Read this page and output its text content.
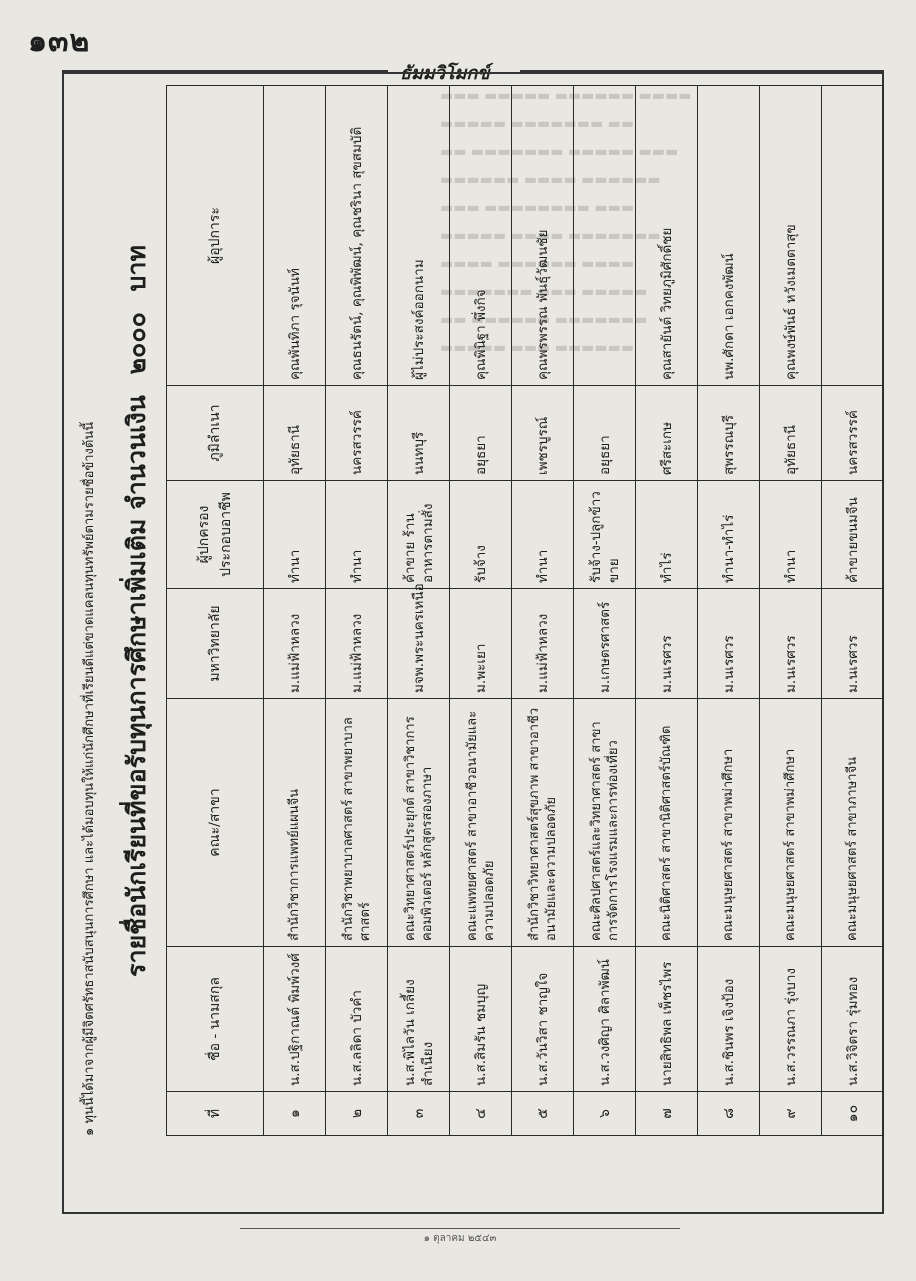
๑๓๒
ธัมมวิโมกข์
▬▬▬ ▬▬▬▬▬ ▬▬▬▬▬▬ ▬▬▬▬
▬▬▬▬▬ ▬▬▬▬▬▬▬ ▬▬
▬▬ ▬▬▬▬▬▬▬ ▬▬▬▬▬ ▬▬▬
▬▬▬▬▬▬ ▬▬▬▬ ▬▬▬▬▬▬
▬▬▬ ▬▬▬▬▬▬▬▬ ▬▬▬
▬▬▬▬▬ ▬▬▬▬ ▬▬▬▬▬▬▬
▬▬▬▬ ▬▬▬▬▬▬ ▬▬▬▬
▬▬▬▬▬▬▬ ▬▬▬ ▬▬▬▬▬
▬▬ ▬▬▬▬▬▬ ▬▬▬▬▬▬▬
▬▬▬▬▬ ▬▬▬ ▬▬▬▬▬▬
๑ ทุนนี้ได้มาจากผู้มีจิตศรัทธาสนับสนุนการศึกษา และได้มอบทุนให้แก่นักศึกษาที่เรียนดีแต่ขาดแคลนทุนทรัพย์ตามรายชื่อข้างต้นนี้ รายชื่อนักเรียนที่ขอรับทุนการศึกษาเพิ่มเติม จำนวนเงิน ๒๐๐๐ บาท
ที่	ชื่อ - นามสกุล	คณะ/สาขา	มหาวิทยาลัย	ผู้ปกครอง ประกอบอาชีพ	ภูมิลำเนา	ผู้อุปการะ
๑	น.ส.ปฐิกาณต์ พิมพ์วงศ์	สำนักวิชาการแพทย์แผนจีน	ม.แม่ฟ้าหลวง	ทำนา	อุทัยธานี	คุณพันทิภา รุจนันท์
๒	น.ส.ลลิดา บัวคำ	สำนักวิชาพยาบาลศาสตร์ สาขาพยาบาลศาสตร์	ม.แม่ฟ้าหลวง	ทำนา	นครสวรรค์	คุณธนรัตน์, คุณพิพัฒน์, คุณชรินา สุขสมบัติ
๓	น.ส.พิไลวัน เกลี้ยงสำเนียง	คณะวิทยาศาสตร์ประยุกต์ สาขาวิชาการคอมพิวเตอร์ หลักสูตรสองภาษา	มจพ.พระนครเหนือ	ค้าขาย ร้านอาหารตามสั่ง	นนทบุรี	ผู้ไม่ประสงค์ออกนาม
๔	น.ส.สิมรัน ชมบุญ	คณะแพทยศาสตร์ สาขาอาชีวอนามัยและความปลอดภัย	ม.พะเยา	รับจ้าง	อยุธยา	คุณพินิฐา พึ่งกิจ
๕	น.ส.วันวิสา ชาญใจ	สำนักวิชาวิทยาศาสตร์สุขภาพ สาขาอาชีวอนามัยและความปลอดภัย	ม.แม่ฟ้าหลวง	ทำนา	เพชรบูรณ์	คุณพรพรรณ พันธุ์วัฒนชัย
๖	น.ส.วงศิญา ศิลาพัฒน์	คณะศิลปศาสตร์และวิทยาศาสตร์ สาขาการจัดการโรงแรมและการท่องเที่ยว	ม.เกษตรศาสตร์	รับจ้าง-ปลูกข้าวขาย	อยุธยา	
๗	นายสิทธิพล เพ็ชรไพร	คณะนิติศาสตร์ สาขานิติศาสตร์บัณฑิต	ม.นเรศวร	ทำไร่	ศรีสะเกษ	คุณสายันต์ วิทยภูมิศักดิ์ชย
๘	น.ส.ชินพร เจิงป้อง	คณะมนุษยศาสตร์ สาขาพม่าศึกษา	ม.นเรศวร	ทำนา-ทำไร่	สุพรรณบุรี	นพ.ศักดา เอกคงพัฒน์
๙	น.ส.วรรณภา รุ่งบาง	คณะมนุษยศาสตร์ สาขาพม่าศึกษา	ม.นเรศวร	ทำนา	อุทัยธานี	คุณพงษ์พันธ์ หวังเมตตาสุข
๑๐	น.ส.วิจิตรา รุ่มทอง	คณะมนุษยศาสตร์ สาขาภาษาจีน	ม.นเรศวร	ค้าขายขนมจีน	นครสวรรค์	
๑ ตุลาคม ๒๕๔๓
